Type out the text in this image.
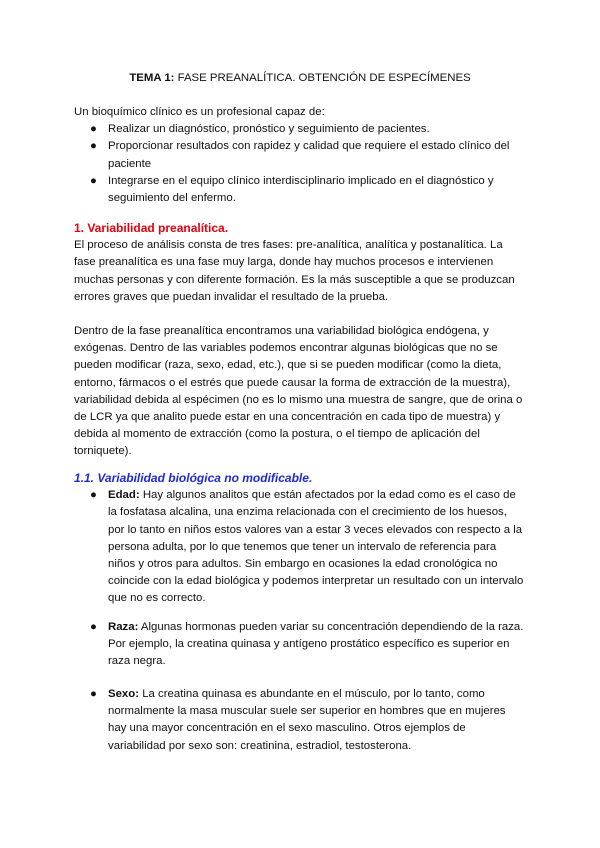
TEMA 1: FASE PREANALÍTICA. OBTENCIÓN DE ESPECÍMENES

Un bioquímico clínico es un profesional capaz de:

● Realizar un diagnóstico, pronóstico y seguimiento de pacientes.
● Proporcionar resultados con rapidez y calidad que requiere el estado clínico del paciente
● Integrarse en el equipo clínico interdisciplinario implicado en el diagnóstico y seguimiento del enfermo.

1. Variabilidad preanalítica.

El proceso de análisis consta de tres fases: pre-analítica, analítica y postanalítica. La fase preanalítica es una fase muy larga, donde hay muchos procesos e intervienen muchas personas y con diferente formación. Es la más susceptible a que se produzcan errores graves que puedan invalidar el resultado de la prueba.

Dentro de la fase preanalítica encontramos una variabilidad biológica endógena, y exógenas. Dentro de las variables podemos encontrar algunas biológicas que no se pueden modificar (raza, sexo, edad, etc.), que si se pueden modificar (como la dieta, entorno, fármacos o el estrés que puede causar la forma de extracción de la muestra), variabilidad debida al espécimen (no es lo mismo una muestra de sangre, que de orina o de LCR ya que analito puede estar en una concentración en cada tipo de muestra) y debida al momento de extracción (como la postura, o el tiempo de aplicación del torniquete).

1.1. Variabilidad biológica no modificable.

● Edad: Hay algunos analitos que están afectados por la edad como es el caso de la fosfatasa alcalina, una enzima relacionada con el crecimiento de los huesos, por lo tanto en niños estos valores van a estar 3 veces elevados con respecto a la persona adulta, por lo que tenemos que tener un intervalo de referencia para niños y otros para adultos. Sin embargo en ocasiones la edad cronológica no coincide con la edad biológica y podemos interpretar un resultado con un intervalo que no es correcto.
● Raza: Algunas hormonas pueden variar su concentración dependiendo de la raza. Por ejemplo, la creatina quinasa y antígeno prostático específico es superior en raza negra.
● Sexo: La creatina quinasa es abundante en el músculo, por lo tanto, como normalmente la masa muscular suele ser superior en hombres que en mujeres hay una mayor concentración en el sexo masculino. Otros ejemplos de variabilidad por sexo son: creatinina, estradiol, testosterona.
